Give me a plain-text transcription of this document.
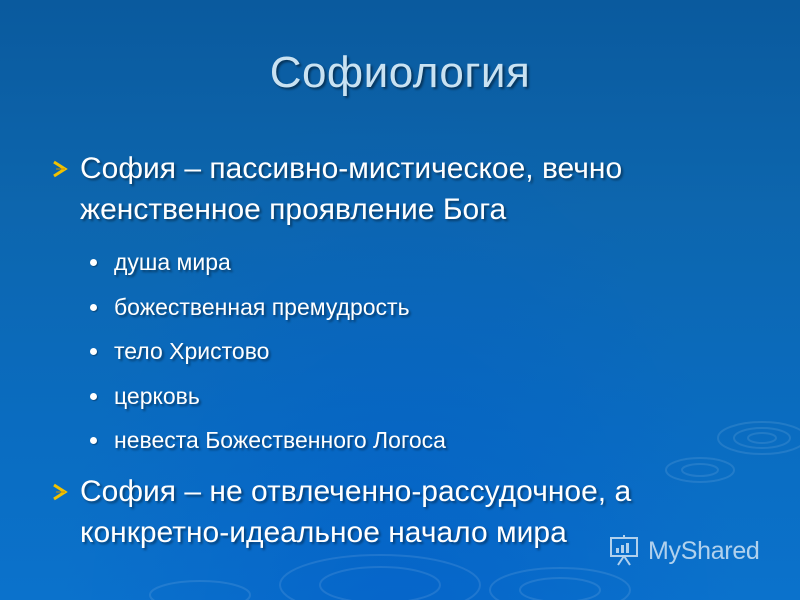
Софиология
София – пассивно-мистическое, вечно женственное проявление Бога
душа мира
божественная премудрость
тело Христово
церковь
невеста Божественного Логоса
София – не отвлеченно-рассудочное, а конкретно-идеальное начало мира
MyShared
